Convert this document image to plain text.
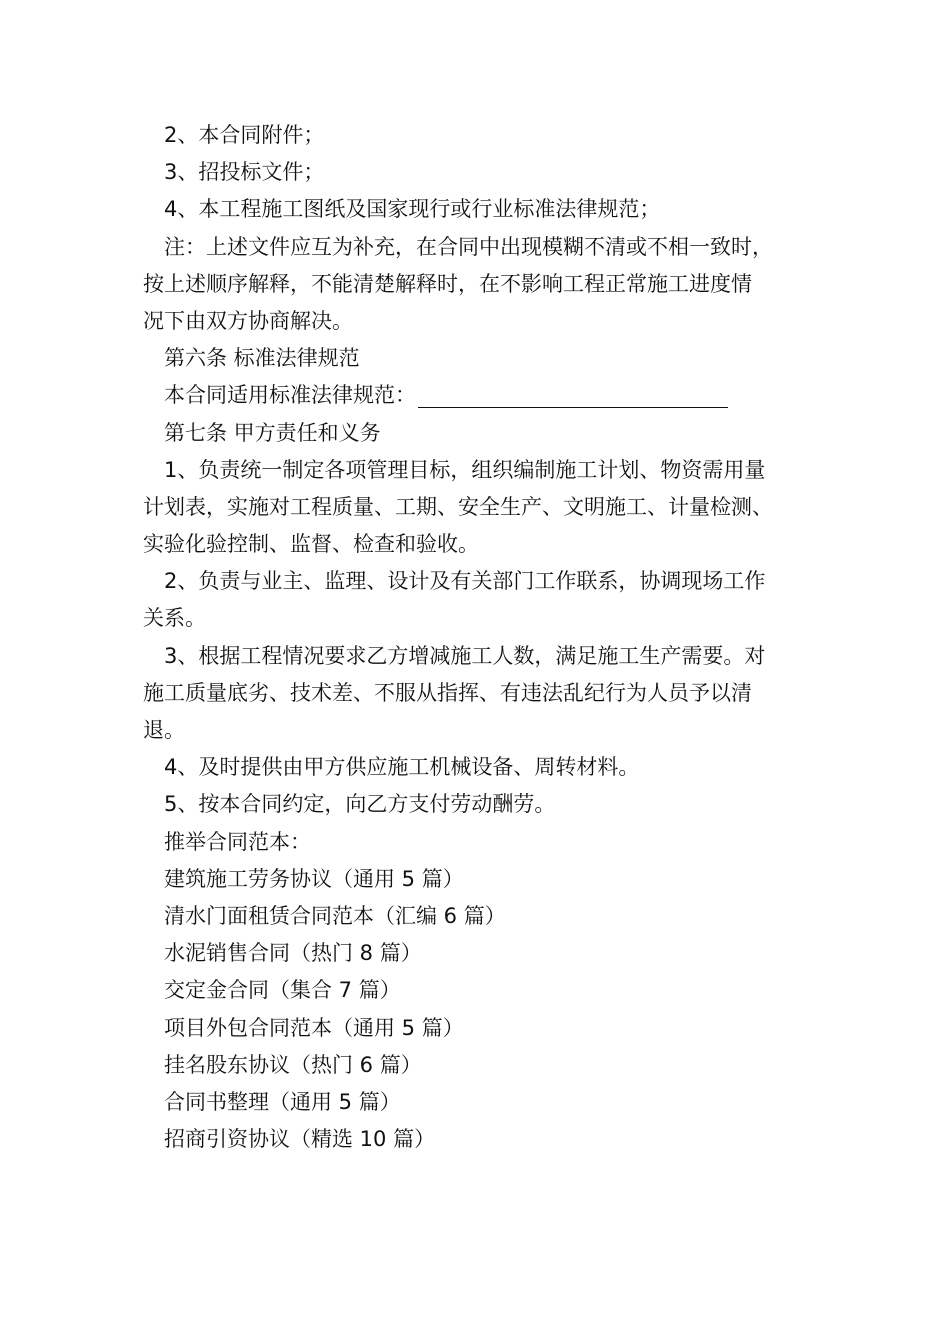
2、本合同附件；
3、招投标文件；
4、本工程施工图纸及国家现行或行业标准法律规范；
注：上述文件应互为补充，在合同中出现模糊不清或不相一致时，
按上述顺序解释，不能清楚解释时，在不影响工程正常施工进度情
况下由双方协商解决。
第六条 标准法律规范
本合同适用标准法律规范：
第七条 甲方责任和义务
1、负责统一制定各项管理目标，组织编制施工计划、物资需用量
计划表，实施对工程质量、工期、安全生产、文明施工、计量检测、
实验化验控制、监督、检查和验收。
2、负责与业主、监理、设计及有关部门工作联系，协调现场工作
关系。
3、根据工程情况要求乙方增减施工人数，满足施工生产需要。对
施工质量底劣、技术差、不服从指挥、有违法乱纪行为人员予以清
退。
4、及时提供由甲方供应施工机械设备、周转材料。
5、按本合同约定，向乙方支付劳动酬劳。
推举合同范本：
建筑施工劳务协议（通用 5 篇）
清水门面租赁合同范本（汇编 6 篇）
水泥销售合同（热门 8 篇）
交定金合同（集合 7 篇）
项目外包合同范本（通用 5 篇）
挂名股东协议（热门 6 篇）
合同书整理（通用 5 篇）
招商引资协议（精选 10 篇）
